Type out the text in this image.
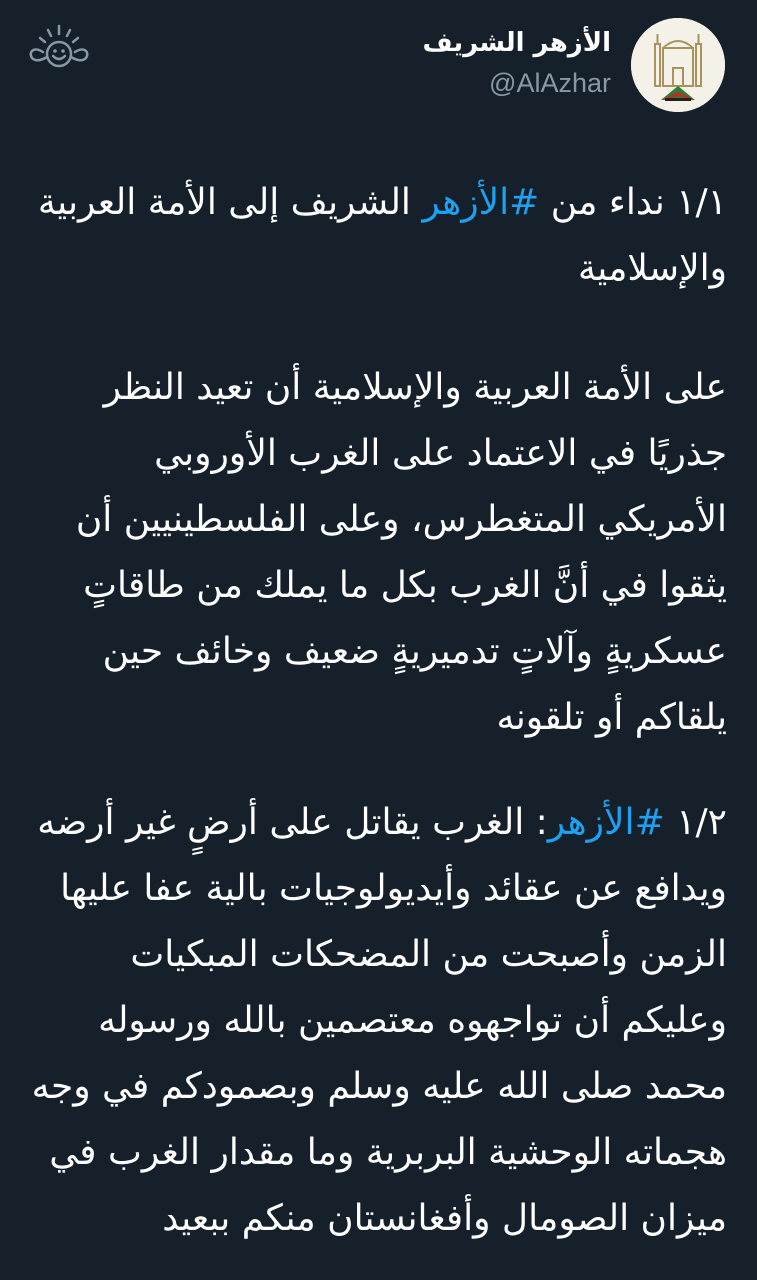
الأزهر الشريف
@AlAzhar

١/١ نداء من #الأزهر الشريف إلى الأمة العربية والإسلامية

على الأمة العربية والإسلامية أن تعيد النظر جذريًا في الاعتماد على الغرب الأوروبي الأمريكي المتغطرس، وعلى الفلسطينيين أن يثقوا في أنَّ الغرب بكل ما يملك من طاقاتٍ عسكريةٍ وآلاتٍ تدميريةٍ ضعيف وخائف حين يلقاكم أو تلقونه

١/٢ #الأزهر: الغرب يقاتل على أرضٍ غير أرضه ويدافع عن عقائد وأيديولوجيات بالية عفا عليها الزمن وأصبحت من المضحكات المبكيات وعليكم أن تواجهوه معتصمين بالله ورسوله محمد صلى الله عليه وسلم وبصمودكم في وجه هجماته الوحشية البربرية وما مقدار الغرب في ميزان الصومال وأفغانستان منكم ببعيد
